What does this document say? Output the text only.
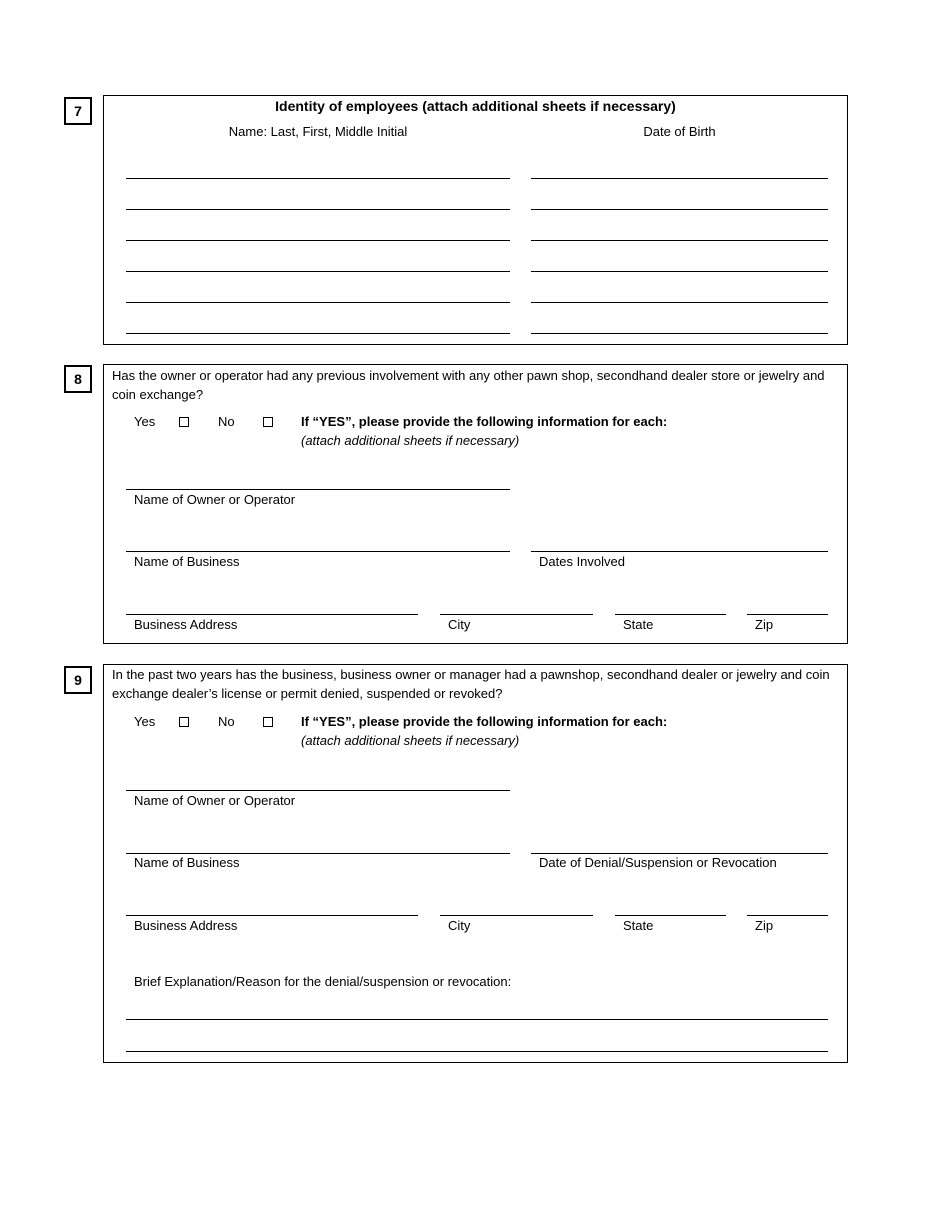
7	Identity of employees (attach additional sheets if necessary)
Name: Last, First, Middle Initial	Date of Birth
8 Has the owner or operator had any previous involvement with any other pawn shop, secondhand dealer store or jewelry and coin exchange?
Yes	No	If “YES”, please provide the following information for each:
(attach additional sheets if necessary)
Name of Owner or Operator
Name of Business	Dates Involved
Business Address	City	State	Zip
9 In the past two years has the business, business owner or manager had a pawnshop, secondhand dealer or jewelry and coin exchange dealer’s license or permit denied, suspended or revoked?
Yes	No	If “YES”, please provide the following information for each:
(attach additional sheets if necessary)
Name of Owner or Operator
Name of Business	Date of Denial/Suspension or Revocation
Business Address	City	State	Zip
Brief Explanation/Reason for the denial/suspension or revocation:
